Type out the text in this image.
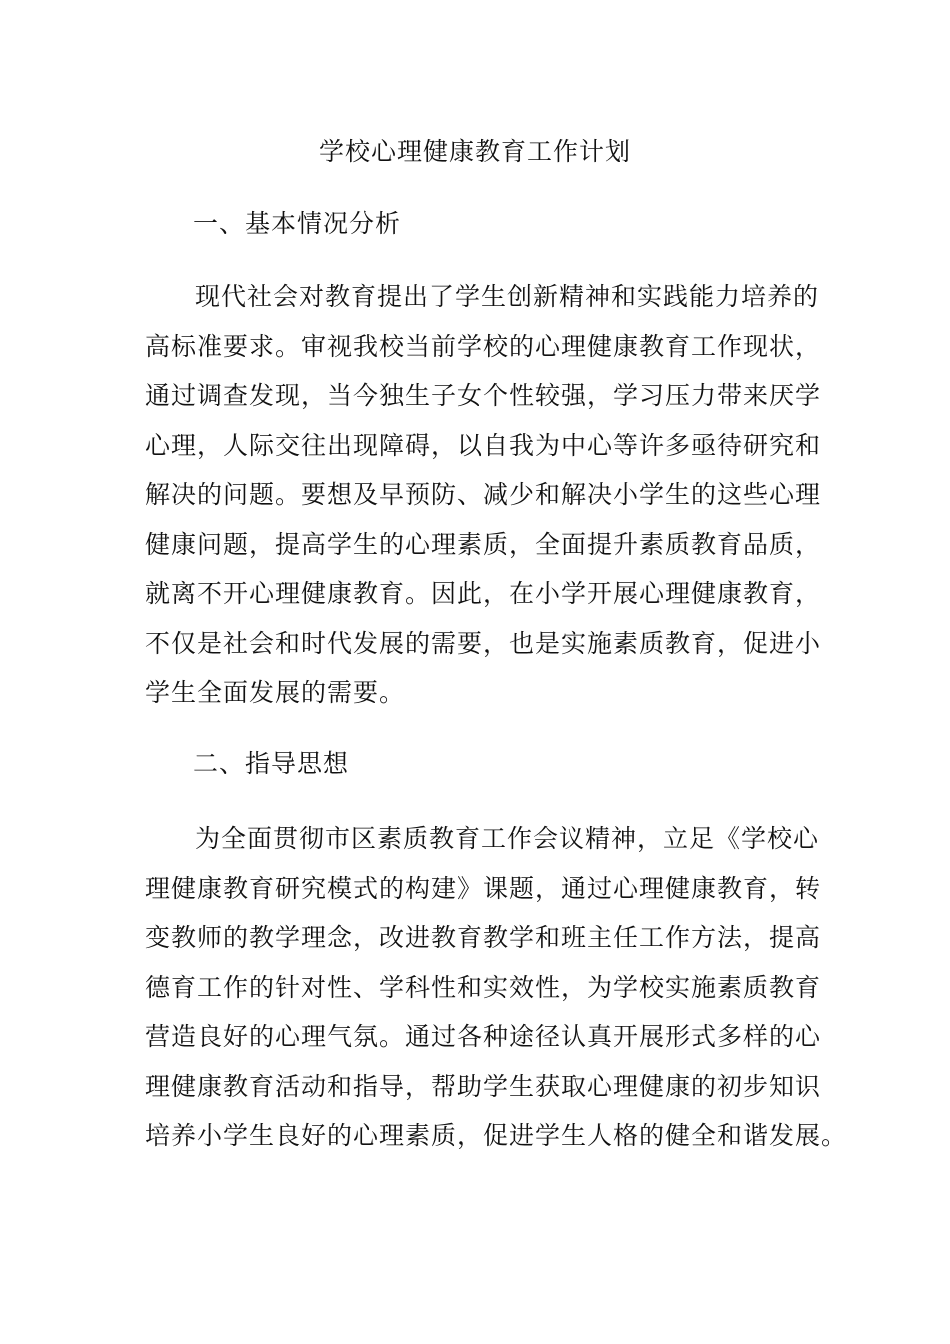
学校心理健康教育工作计划
一、基本情况分析
现代社会对教育提出了学生创新精神和实践能力培养的
高标准要求。审视我校当前学校的心理健康教育工作现状，
通过调查发现，当今独生子女个性较强，学习压力带来厌学
心理，人际交往出现障碍，以自我为中心等许多亟待研究和
解决的问题。要想及早预防、减少和解决小学生的这些心理
健康问题，提高学生的心理素质，全面提升素质教育品质，
就离不开心理健康教育。因此，在小学开展心理健康教育，
不仅是社会和时代发展的需要，也是实施素质教育，促进小
学生全面发展的需要。
二、指导思想
为全面贯彻市区素质教育工作会议精神，立足《学校心
理健康教育研究模式的构建》课题，通过心理健康教育，转
变教师的教学理念，改进教育教学和班主任工作方法，提高
德育工作的针对性、学科性和实效性，为学校实施素质教育
营造良好的心理气氛。通过各种途径认真开展形式多样的心
理健康教育活动和指导，帮助学生获取心理健康的初步知识
培养小学生良好的心理素质，促进学生人格的健全和谐发展。
